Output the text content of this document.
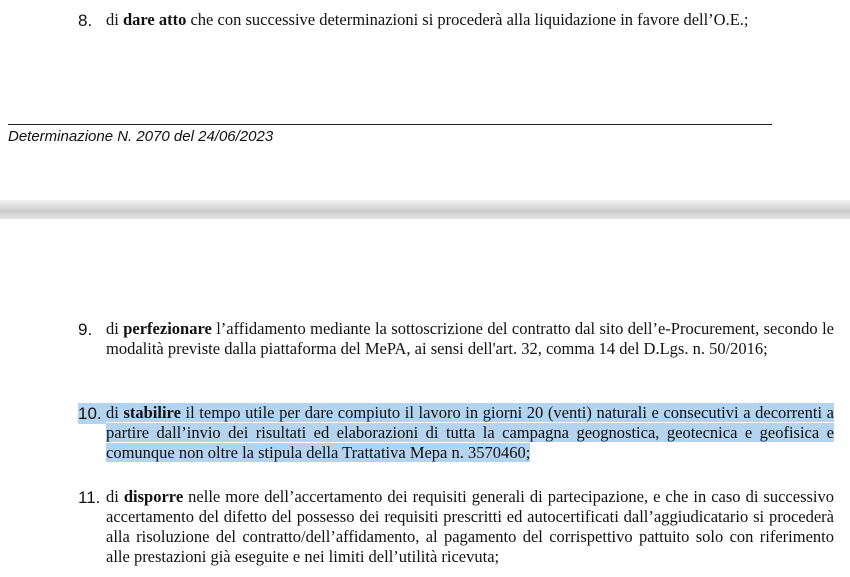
8. di dare atto che con successive determinazioni si procederà alla liquidazione in favore dell’O.E.;
Determinazione N. 2070 del 24/06/2023
9. di perfezionare l’affidamento mediante la sottoscrizione del contratto dal sito dell’e-Procurement, secondo le modalità previste dalla piattaforma del MePA, ai sensi dell'art. 32, comma 14 del D.Lgs. n. 50/2016;
10. di stabilire il tempo utile per dare compiuto il lavoro in giorni 20 (venti) naturali e consecutivi a decorrenti a partire dall’invio dei risultati ed elaborazioni di tutta la campagna geognostica, geotecnica e geofisica e comunque non oltre la stipula della Trattativa Mepa n. 3570460;
11. di disporre nelle more dell’accertamento dei requisiti generali di partecipazione, e che in caso di successivo accertamento del difetto del possesso dei requisiti prescritti ed autocertificati dall’aggiudicatario si procederà alla risoluzione del contratto/dell’affidamento, al pagamento del corrispettivo pattuito solo con riferimento alle prestazioni già eseguite e nei limiti dell’utilità ricevuta;
